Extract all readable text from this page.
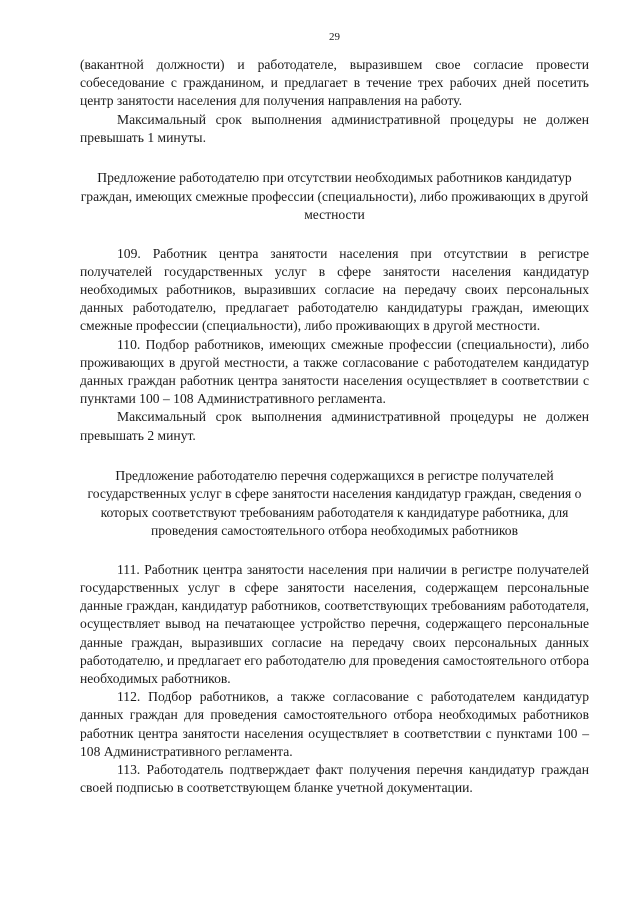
29

(вакантной должности) и работодателе, выразившем свое согласие провести собеседование с гражданином, и предлагает в течение трех рабочих дней посетить центр занятости населения для получения направления на работу.

Максимальный срок выполнения административной процедуры не должен превышать 1 минуты.

Предложение работодателю при отсутствии необходимых работников кандидатур граждан, имеющих смежные профессии (специальности), либо проживающих в другой местности

109. Работник центра занятости населения при отсутствии в регистре получателей государственных услуг в сфере занятости населения кандидатур необходимых работников, выразивших согласие на передачу своих персональных данных работодателю, предлагает работодателю кандидатуры граждан, имеющих смежные профессии (специальности), либо проживающих в другой местности.

110. Подбор работников, имеющих смежные профессии (специальности), либо проживающих в другой местности, а также согласование с работодателем кандидатур данных граждан работник центра занятости населения осуществляет в соответствии с пунктами 100 – 108 Административного регламента.

Максимальный срок выполнения административной процедуры не должен превышать 2 минут.

Предложение работодателю перечня содержащихся в регистре получателей государственных услуг в сфере занятости населения кандидатур граждан, сведения о которых соответствуют требованиям работодателя к кандидатуре работника, для проведения самостоятельного отбора необходимых работников

111. Работник центра занятости населения при наличии в регистре получателей государственных услуг в сфере занятости населения, содержащем персональные данные граждан, кандидатур работников, соответствующих требованиям работодателя, осуществляет вывод на печатающее устройство перечня, содержащего персональные данные граждан, выразивших согласие на передачу своих персональных данных работодателю, и предлагает его работодателю для проведения самостоятельного отбора необходимых работников.

112. Подбор работников, а также согласование с работодателем кандидатур данных граждан для проведения самостоятельного отбора необходимых работников работник центра занятости населения осуществляет в соответствии с пунктами 100 – 108 Административного регламента.

113. Работодатель подтверждает факт получения перечня кандидатур граждан своей подписью в соответствующем бланке учетной документации.
